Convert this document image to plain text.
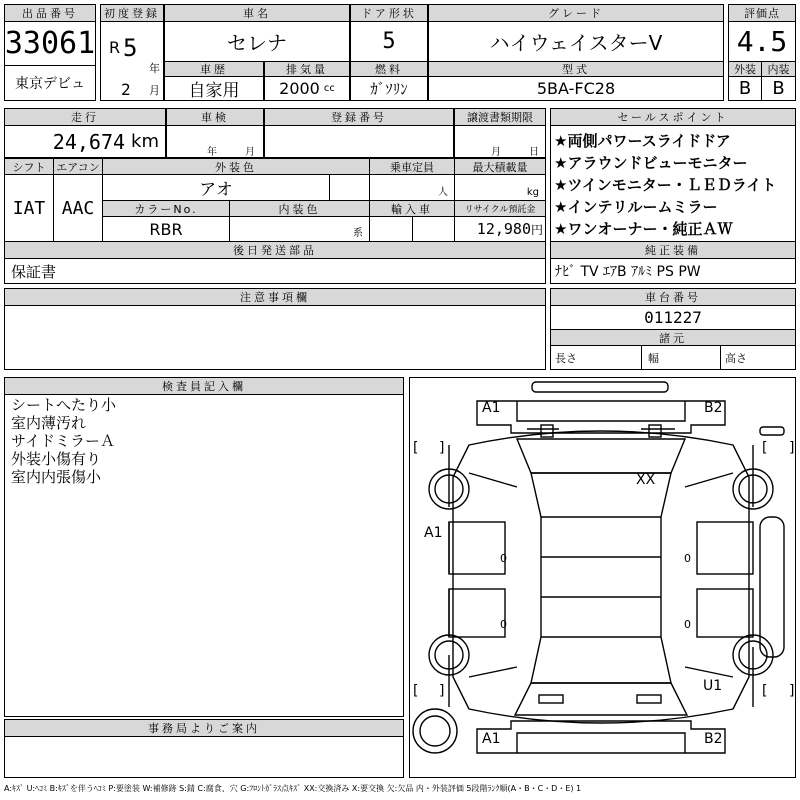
出品番号
33061
東京デビュ
初度登録
R 5
年
2 月
車名
セレナ
ドア形状
5
グレード
ハイウェイスターV
評価点
4.5
外装	内装
B	B
車歴
自家用
排気量
2000 cc
燃料
ｶﾞｿﾘﾝ
型式
5BA-FC28
走行
24,674 km
車検
年	月
登録番号	譲渡書類期限
月	日
セールスポイント
★両側パワースライドドア
★アラウンドビューモニター
★ツインモニター・ＬＥＤライト
★インテリルームミラー
★ワンオーナー・純正ＡＷ
シフト
IAT
エアコン
AAC
外装色
アオ
乗車定員
人
最大積載量
kg
カラーNo.
RBR
内装色
系
輸入車	リサイクル預託金
12,980 円
後日発送部品
保証書
純正装備
ﾅﾋﾞ TV ｴｱB ｱﾙﾐ PS PW
注意事項欄	車台番号
011227
諸元
長さ	幅	高さ
検査員記入欄
シートへたり小
室内薄汚れ
サイドミラーＡ
外装小傷有り
室内内張傷小
事務局よりご案内
[ ]	[ ]
[ ]	[ ]
A1	B2
XX
A1
0	0
0	0
U1
A1	B2
A:ｷｽﾞ U:ﾍｺﾐ B:ｷｽﾞを伴うﾍｺﾐ P:要塗装 W:補修跡 S:錆 C:腐食、穴 G:ﾌﾛﾝﾄｶﾞﾗｽ点ｷｽﾞ XX:交換済み X:要交換 欠:欠品 内・外装評価 5段階ﾗﾝｸ順(A・B・C・D・E) 1
